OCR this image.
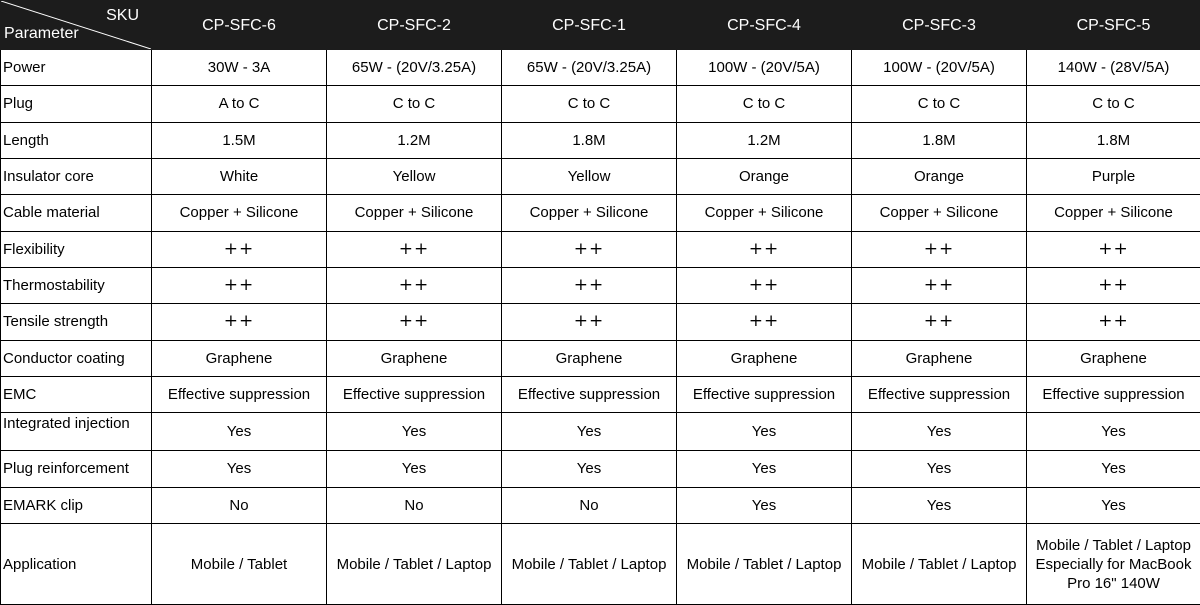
SKU
Parameter	CP-SFC-6	CP-SFC-2	CP-SFC-1	CP-SFC-4	CP-SFC-3	CP-SFC-5
Power	30W - 3A	65W - (20V/3.25A)	65W - (20V/3.25A)	100W - (20V/5A)	100W - (20V/5A)	140W - (28V/5A)
Plug	A to C	C to C	C to C	C to C	C to C	C to C
Length	1.5M	1.2M	1.8M	1.2M	1.8M	1.8M
Insulator core	White	Yellow	Yellow	Orange	Orange	Purple
Cable material	Copper + Silicone	Copper + Silicone	Copper + Silicone	Copper + Silicone	Copper + Silicone	Copper + Silicone
Flexibility	++	++	++	++	++	++
Thermostability	++	++	++	++	++	++
Tensile strength	++	++	++	++	++	++
Conductor coating	Graphene	Graphene	Graphene	Graphene	Graphene	Graphene
EMC	Effective suppression	Effective suppression	Effective suppression	Effective suppression	Effective suppression	Effective suppression
Integrated injection	Yes	Yes	Yes	Yes	Yes	Yes
Plug reinforcement	Yes	Yes	Yes	Yes	Yes	Yes
EMARK clip	No	No	No	Yes	Yes	Yes
Application	Mobile / Tablet	Mobile / Tablet / Laptop	Mobile / Tablet / Laptop	Mobile / Tablet / Laptop	Mobile / Tablet / Laptop	Mobile / Tablet / Laptop Especially for MacBook Pro 16" 140W
